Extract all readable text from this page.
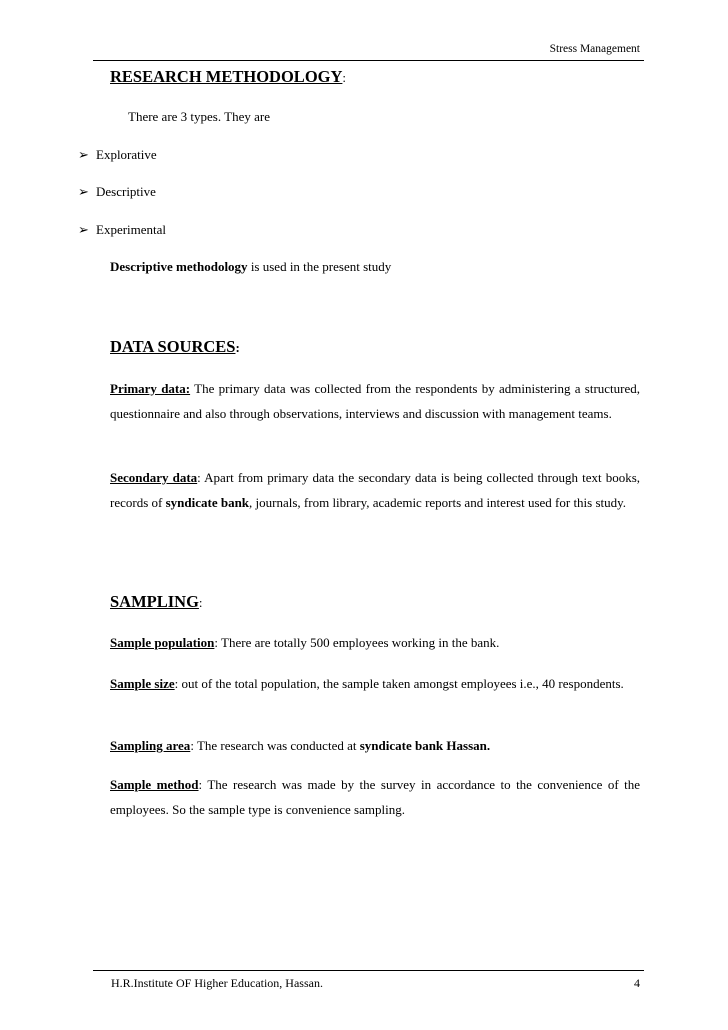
Stress Management
RESEARCH METHODOLOGY:
There are 3 types. They are
➢ Explorative
➢ Descriptive
➢ Experimental
Descriptive methodology is used in the present study
DATA SOURCES:
Primary data: The primary data was collected from the respondents by administering a structured, questionnaire and also through observations, interviews and discussion with management teams.
Secondary data: Apart from primary data the secondary data is being collected through text books, records of syndicate bank, journals, from library, academic reports and interest used for this study.
SAMPLING:
Sample population: There are totally 500 employees working in the bank.
Sample size: out of the total population, the sample taken amongst employees i.e., 40 respondents.
Sampling area: The research was conducted at syndicate bank Hassan.
Sample method: The research was made by the survey in accordance to the convenience of the employees. So the sample type is convenience sampling.
H.R.Institute OF Higher Education, Hassan.	4
